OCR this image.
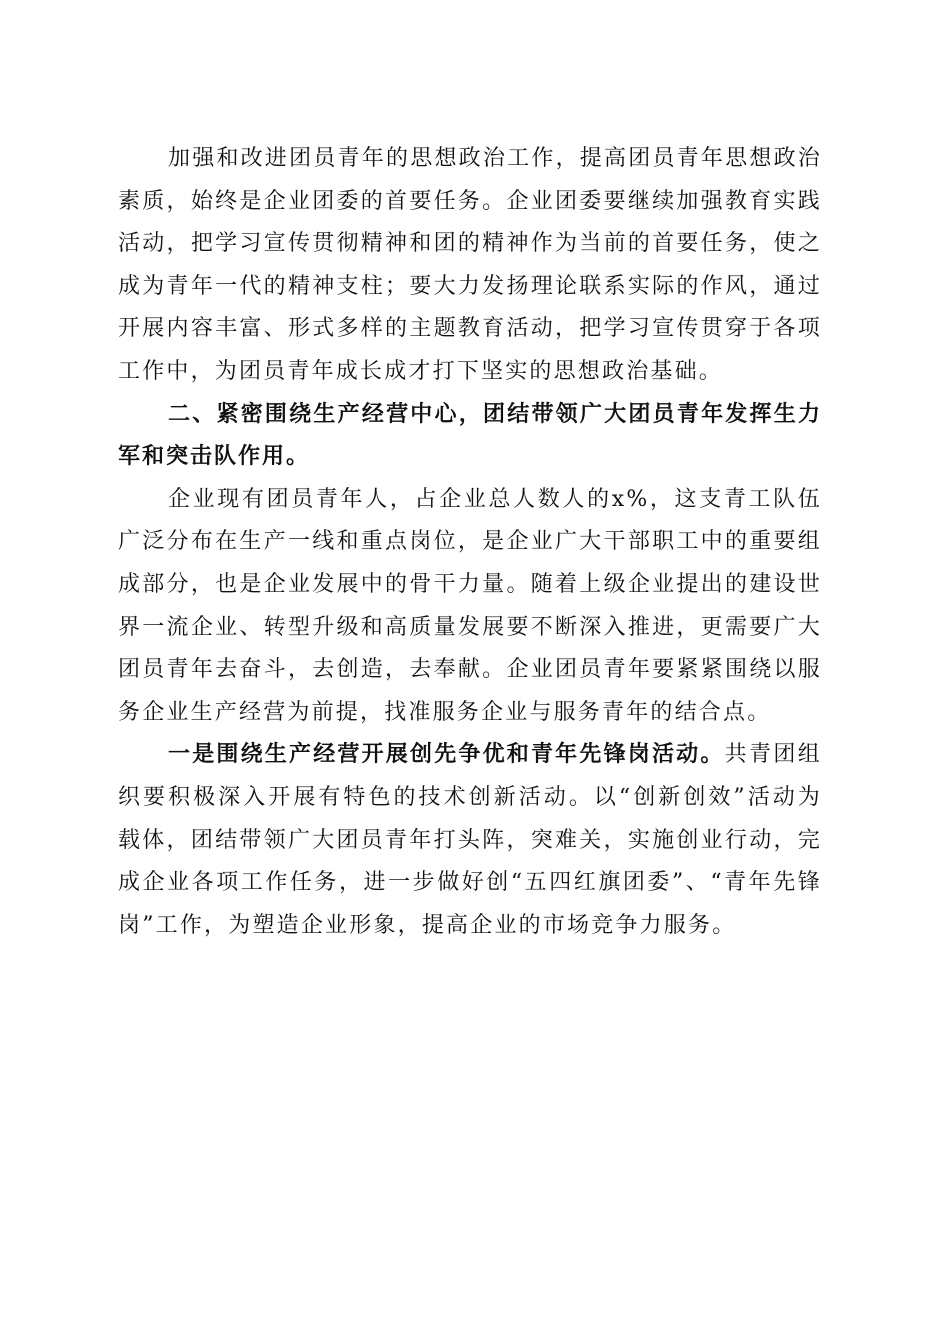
加强和改进团员青年的思想政治工作，提高团员青年思想政治素质，始终是企业团委的首要任务。企业团委要继续加强教育实践活动，把学习宣传贯彻精神和团的精神作为当前的首要任务，使之成为青年一代的精神支柱；要大力发扬理论联系实际的作风，通过开展内容丰富、形式多样的主题教育活动，把学习宣传贯穿于各项工作中，为团员青年成长成才打下坚实的思想政治基础。

二、紧密围绕生产经营中心，团结带领广大团员青年发挥生力军和突击队作用。

企业现有团员青年人，占企业总人数人的x%，这支青工队伍广泛分布在生产一线和重点岗位，是企业广大干部职工中的重要组成部分，也是企业发展中的骨干力量。随着上级企业提出的建设世界一流企业、转型升级和高质量发展要不断深入推进，更需要广大团员青年去奋斗，去创造，去奉献。企业团员青年要紧紧围绕以服务企业生产经营为前提，找准服务企业与服务青年的结合点。

一是围绕生产经营开展创先争优和青年先锋岗活动。共青团组织要积极深入开展有特色的技术创新活动。以“创新创效”活动为载体，团结带领广大团员青年打头阵，突难关，实施创业行动，完成企业各项工作任务，进一步做好创“五四红旗团委”、“青年先锋岗”工作，为塑造企业形象，提高企业的市场竞争力服务。
